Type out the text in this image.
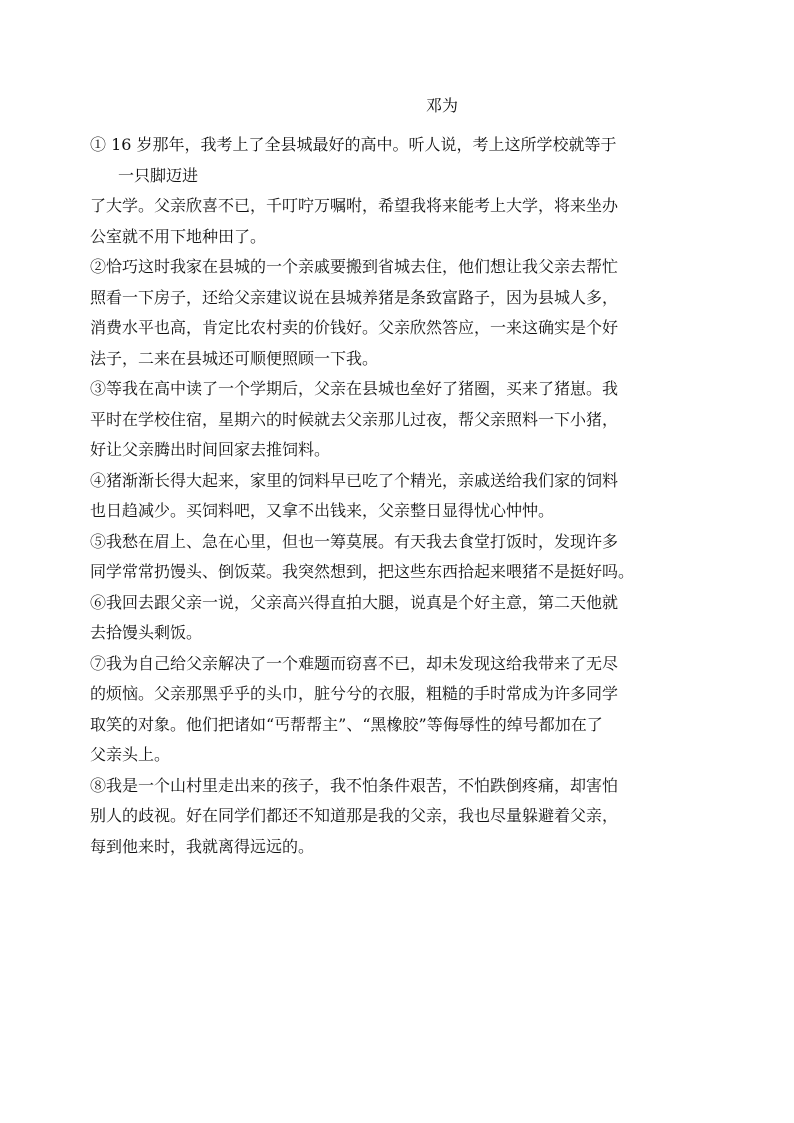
邓为

① 16 岁那年，我考上了全县城最好的高中。听人说，考上这所学校就等于

一只脚迈进

了大学。父亲欣喜不已，千叮咛万嘱咐，希望我将来能考上大学，将来坐办

公室就不用下地种田了。

②恰巧这时我家在县城的一个亲戚要搬到省城去住，他们想让我父亲去帮忙

照看一下房子，还给父亲建议说在县城养猪是条致富路子，因为县城人多，

消费水平也高，肯定比农村卖的价钱好。父亲欣然答应，一来这确实是个好

法子，二来在县城还可顺便照顾一下我。

③等我在高中读了一个学期后，父亲在县城也垒好了猪圈，买来了猪崽。我

平时在学校住宿，星期六的时候就去父亲那儿过夜，帮父亲照料一下小猪，

好让父亲腾出时间回家去推饲料。

④猪渐渐长得大起来，家里的饲料早已吃了个精光，亲戚送给我们家的饲料

也日趋减少。买饲料吧，又拿不出钱来，父亲整日显得忧心忡忡。

⑤我愁在眉上、急在心里，但也一筹莫展。有天我去食堂打饭时，发现许多

同学常常扔馒头、倒饭菜。我突然想到，把这些东西拾起来喂猪不是挺好吗。

⑥我回去跟父亲一说，父亲高兴得直拍大腿，说真是个好主意，第二天他就

去拾馒头剩饭。

⑦我为自己给父亲解决了一个难题而窃喜不已，却未发现这给我带来了无尽

的烦恼。父亲那黑乎乎的头巾，脏兮兮的衣服，粗糙的手时常成为许多同学

取笑的对象。他们把诸如“丐帮帮主”、“黑橡胶”等侮辱性的绰号都加在了

父亲头上。

⑧我是一个山村里走出来的孩子，我不怕条件艰苦，不怕跌倒疼痛，却害怕

别人的歧视。好在同学们都还不知道那是我的父亲，我也尽量躲避着父亲，

每到他来时，我就离得远远的。
